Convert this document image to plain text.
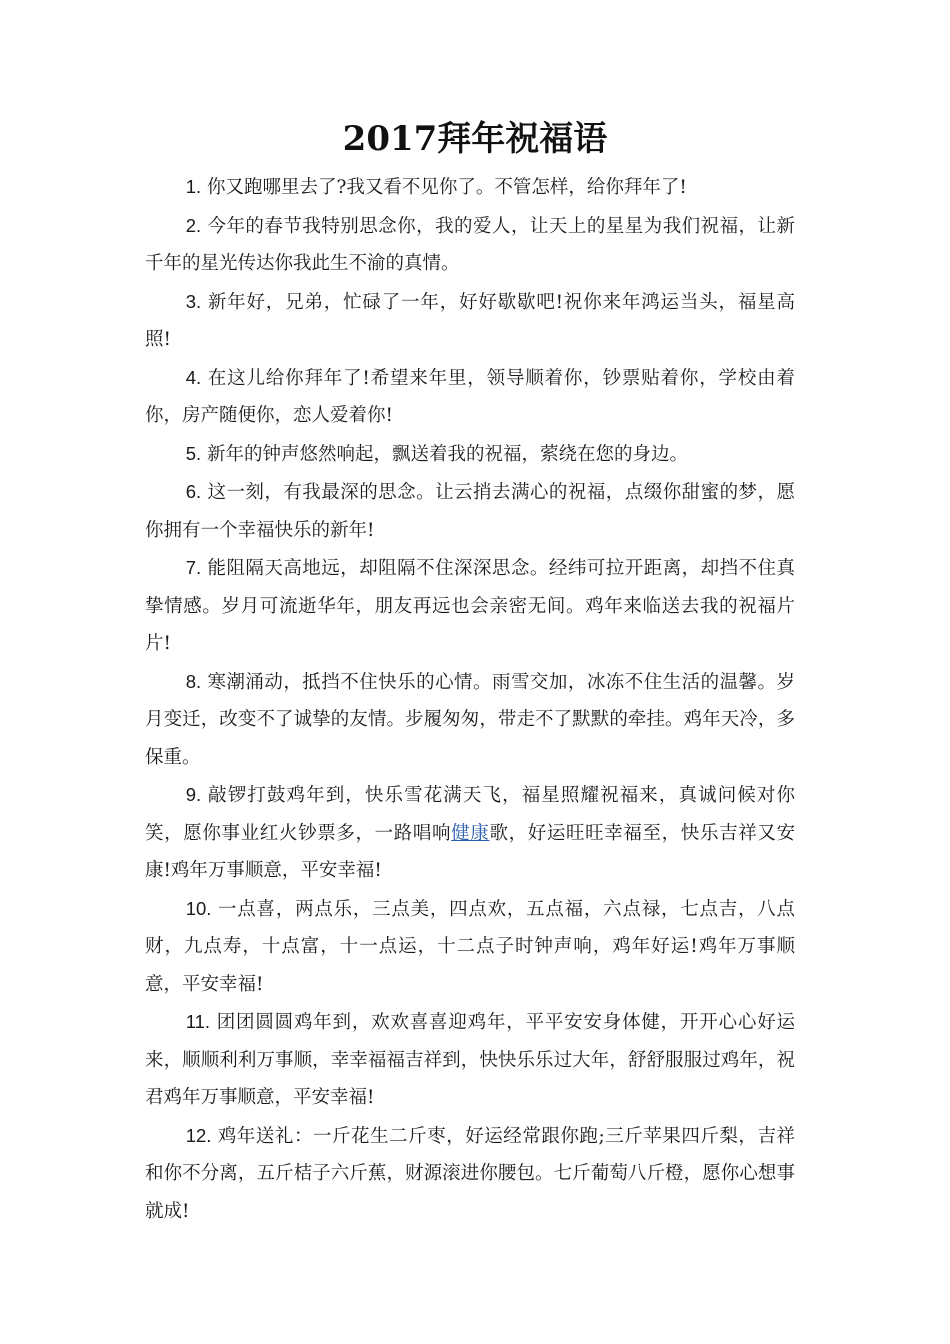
2017拜年祝福语

1. 你又跑哪里去了?我又看不见你了。不管怎样，给你拜年了!

2. 今年的春节我特别思念你，我的爱人，让天上的星星为我们祝福，让新千年的星光传达你我此生不渝的真情。

3. 新年好，兄弟，忙碌了一年，好好歇歇吧!祝你来年鸿运当头，福星高照!

4. 在这儿给你拜年了!希望来年里，领导顺着你，钞票贴着你，学校由着你，房产随便你，恋人爱着你!

5. 新年的钟声悠然响起，飘送着我的祝福，萦绕在您的身边。

6. 这一刻，有我最深的思念。让云捎去满心的祝福，点缀你甜蜜的梦，愿你拥有一个幸福快乐的新年!

7. 能阻隔天高地远，却阻隔不住深深思念。经纬可拉开距离，却挡不住真挚情感。岁月可流逝华年，朋友再远也会亲密无间。鸡年来临送去我的祝福片片!

8. 寒潮涌动，抵挡不住快乐的心情。雨雪交加，冰冻不住生活的温馨。岁月变迁，改变不了诚挚的友情。步履匆匆，带走不了默默的牵挂。鸡年天冷，多保重。

9. 敲锣打鼓鸡年到，快乐雪花满天飞，福星照耀祝福来，真诚问候对你笑，愿你事业红火钞票多，一路唱响健康歌，好运旺旺幸福至，快乐吉祥又安康!鸡年万事顺意，平安幸福!

10. 一点喜，两点乐，三点美，四点欢，五点福，六点禄，七点吉，八点财，九点寿，十点富，十一点运，十二点子时钟声响，鸡年好运!鸡年万事顺意，平安幸福!

11. 团团圆圆鸡年到，欢欢喜喜迎鸡年，平平安安身体健，开开心心好运来，顺顺利利万事顺，幸幸福福吉祥到，快快乐乐过大年，舒舒服服过鸡年，祝君鸡年万事顺意，平安幸福!

12. 鸡年送礼：一斤花生二斤枣，好运经常跟你跑;三斤苹果四斤梨，吉祥和你不分离，五斤桔子六斤蕉，财源滚进你腰包。七斤葡萄八斤橙，愿你心想事就成!
